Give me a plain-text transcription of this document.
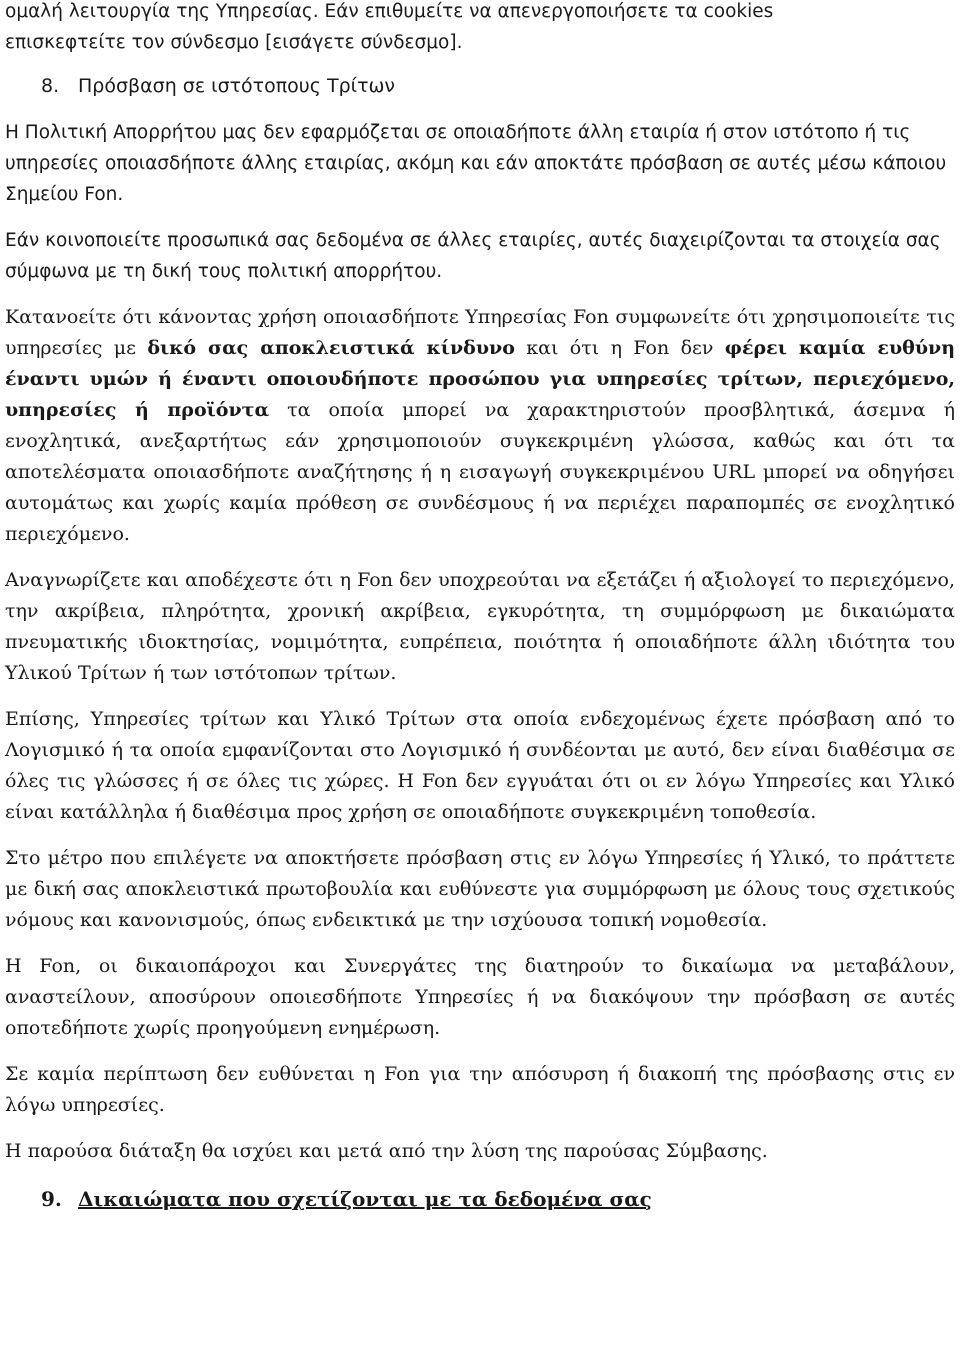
ομαλή λειτουργία της Υπηρεσίας. Εάν επιθυμείτε να απενεργοποιήσετε τα cookies

επισκεφτείτε τον σύνδεσμο [εισάγετε σύνδεσμο].

8. Πρόσβαση σε ιστότοπους Τρίτων

Η Πολιτική Απορρήτου μας δεν εφαρμόζεται σε οποιαδήποτε άλλη εταιρία ή στον ιστότοπο ή τις υπηρεσίες οποιασδήποτε άλλης εταιρίας, ακόμη και εάν αποκτάτε πρόσβαση σε αυτές μέσω κάποιου Σημείου Fon.

Εάν κοινοποιείτε προσωπικά σας δεδομένα σε άλλες εταιρίες, αυτές διαχειρίζονται τα στοιχεία σας σύμφωνα με τη δική τους πολιτική απορρήτου.

Κατανοείτε ότι κάνοντας χρήση οποιασδήποτε Υπηρεσίας Fon συμφωνείτε ότι χρησιμοποιείτε τις υπηρεσίες με δικό σας αποκλειστικά κίνδυνο και ότι η Fon δεν φέρει καμία ευθύνη έναντι υμών ή έναντι οποιουδήποτε προσώπου για υπηρεσίες τρίτων, περιεχόμενο, υπηρεσίες ή προϊόντα τα οποία μπορεί να χαρακτηριστούν προσβλητικά, άσεμνα ή ενοχλητικά, ανεξαρτήτως εάν χρησιμοποιούν συγκεκριμένη γλώσσα, καθώς και ότι τα αποτελέσματα οποιασδήποτε αναζήτησης ή η εισαγωγή συγκεκριμένου URL μπορεί να οδηγήσει αυτομάτως και χωρίς καμία πρόθεση σε συνδέσμους ή να περιέχει παραπομπές σε ενοχλητικό περιεχόμενο.

Αναγνωρίζετε και αποδέχεστε ότι η Fon δεν υποχρεούται να εξετάζει ή αξιολογεί το περιεχόμενο, την ακρίβεια, πληρότητα, χρονική ακρίβεια, εγκυρότητα, τη συμμόρφωση με δικαιώματα πνευματικής ιδιοκτησίας, νομιμότητα, ευπρέπεια, ποιότητα ή οποιαδήποτε άλλη ιδιότητα του Υλικού Τρίτων ή των ιστότοπων τρίτων.

Επίσης, Υπηρεσίες τρίτων και Υλικό Τρίτων στα οποία ενδεχομένως έχετε πρόσβαση από το Λογισμικό ή τα οποία εμφανίζονται στο Λογισμικό ή συνδέονται με αυτό, δεν είναι διαθέσιμα σε όλες τις γλώσσες ή σε όλες τις χώρες. Η Fon δεν εγγυάται ότι οι εν λόγω Υπηρεσίες και Υλικό είναι κατάλληλα ή διαθέσιμα προς χρήση σε οποιαδήποτε συγκεκριμένη τοποθεσία.

Στο μέτρο που επιλέγετε να αποκτήσετε πρόσβαση στις εν λόγω Υπηρεσίες ή Υλικό, το πράττετε με δική σας αποκλειστικά πρωτοβουλία και ευθύνεστε για συμμόρφωση με όλους τους σχετικούς νόμους και κανονισμούς, όπως ενδεικτικά με την ισχύουσα τοπική νομοθεσία.

Η Fon, οι δικαιοπάροχοι και Συνεργάτες της διατηρούν το δικαίωμα να μεταβάλουν, αναστείλουν, αποσύρουν οποιεσδήποτε Υπηρεσίες ή να διακόψουν την πρόσβαση σε αυτές οποτεδήποτε χωρίς προηγούμενη ενημέρωση.

Σε καμία περίπτωση δεν ευθύνεται η Fon για την απόσυρση ή διακοπή της πρόσβασης στις εν λόγω υπηρεσίες.

Η παρούσα διάταξη θα ισχύει και μετά από την λύση της παρούσας Σύμβασης.

9. Δικαιώματα που σχετίζονται με τα δεδομένα σας
